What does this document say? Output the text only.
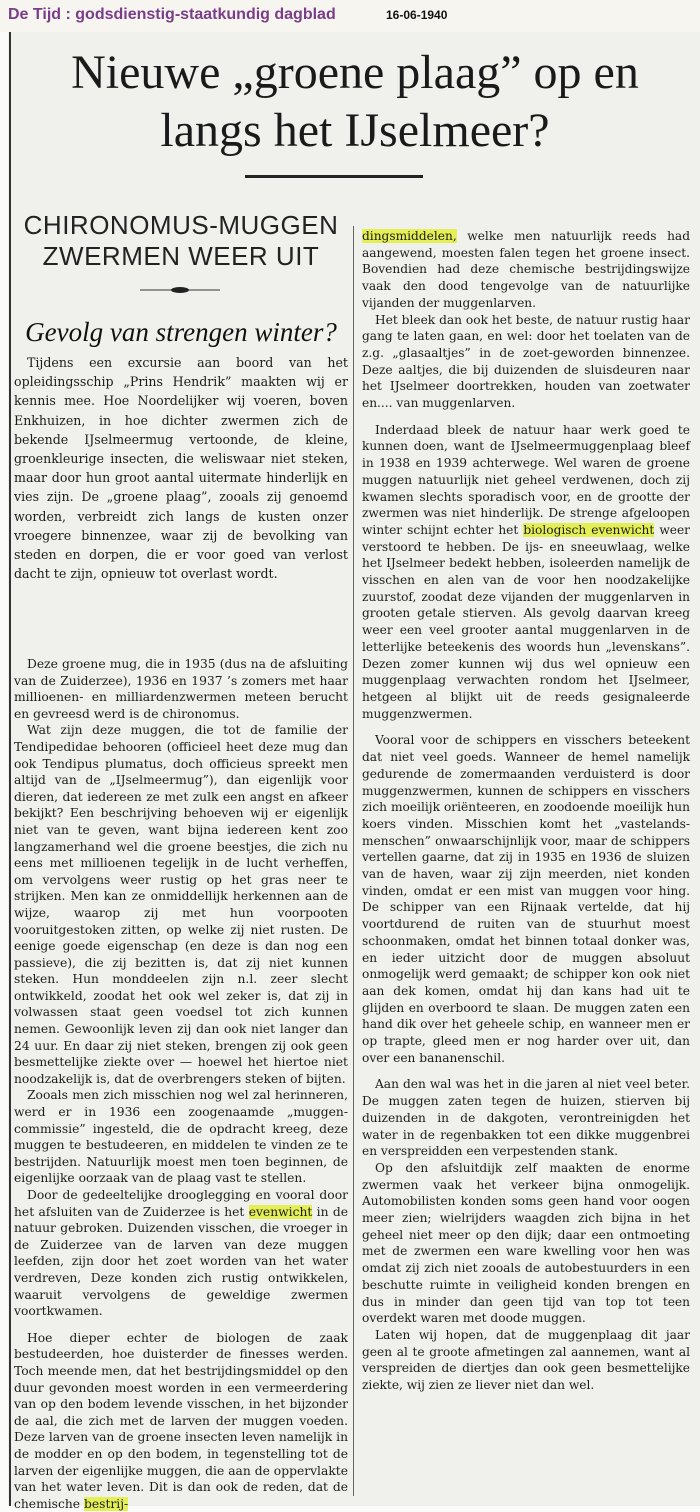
De Tijd : godsdienstig-staatkundig dagblad	16-06-1940
Nieuwe „groene plaag” op en
langs het IJselmeer?
CHIRONOMUS-MUGGEN
ZWERMEN WEER UIT
Gevolg van strengen winter?

Tijdens een excursie aan boord van het opleidingsschip „Prins Hendrik” maakten wij er kennis mee. Hoe Noordelijker wij voeren, boven Enkhuizen, in hoe dichter zwermen zich de bekende IJselmeermug vertoonde, de kleine, groenkleurige insecten, die weliswaar niet steken, maar door hun groot aantal uitermate hinderlijk en vies zijn. De „groene plaag”, zooals zij genoemd worden, verbreidt zich langs de kusten onzer vroegere binnenzee, waar zij de bevolking van steden en dorpen, die er voor goed van verlost dacht te zijn, opnieuw tot overlast wordt.

Deze groene mug, die in 1935 (dus na de afsluiting van de Zuiderzee), 1936 en 1937 ’s zomers met haar millioenen- en milliardenzwermen meteen berucht en gevreesd werd is de chironomus.

Wat zijn deze muggen, die tot de familie der Tendipedidae behooren (officieel heet deze mug dan ook Tendipus plumatus, doch officieus spreekt men altijd van de „IJselmeermug”), dan eigenlijk voor dieren, dat iedereen ze met zulk een angst en afkeer bekijkt? Een beschrijving behoeven wij er eigenlijk niet van te geven, want bijna iedereen kent zoo langzamerhand wel die groene beestjes, die zich nu eens met millioenen tegelijk in de lucht verheffen, om vervolgens weer rustig op het gras neer te strijken. Men kan ze onmiddellijk herkennen aan de wijze, waarop zij met hun voorpooten vooruitgestoken zitten, op welke zij niet rusten. De eenige goede eigenschap (en deze is dan nog een passieve), die zij bezitten is, dat zij niet kunnen steken. Hun monddeelen zijn n.l. zeer slecht ontwikkeld, zoodat het ook wel zeker is, dat zij in volwassen staat geen voedsel tot zich kunnen nemen. Gewoonlijk leven zij dan ook niet langer dan 24 uur. En daar zij niet steken, brengen zij ook geen besmettelijke ziekte over — hoewel het hiertoe niet noodzakelijk is, dat de overbrengers steken of bijten.

Zooals men zich misschien nog wel zal herinneren, werd er in 1936 een zoogenaamde „muggen-commissie” ingesteld, die de opdracht kreeg, deze muggen te bestudeeren, en middelen te vinden ze te bestrijden. Natuurlijk moest men toen beginnen, de eigenlijke oorzaak van de plaag vast te stellen.

Door de gedeeltelijke drooglegging en vooral door het afsluiten van de Zuiderzee is het evenwicht in de natuur gebroken. Duizenden visschen, die vroeger in de Zuiderzee van de larven van deze muggen leefden, zijn door het zoet worden van het water verdreven, Deze konden zich rustig ontwikkelen, waaruit vervolgens de geweldige zwermen voortkwamen.

Hoe dieper echter de biologen de zaak bestudeerden, hoe duisterder de finesses werden. Toch meende men, dat het bestrijdingsmiddel op den duur gevonden moest worden in een vermeerdering van op den bodem levende visschen, in het bijzonder de aal, die zich met de larven der muggen voeden. Deze larven van de groene insecten leven namelijk in de modder en op den bodem, in tegenstelling tot de larven der eigenlijke muggen, die aan de oppervlakte van het water leven. Dit is dan ook de reden, dat de chemische bestrij-

dingsmiddelen, welke men natuurlijk reeds had aangewend, moesten falen tegen het groene insect. Bovendien had deze chemische bestrijdingswijze vaak den dood tengevolge van de natuurlijke vijanden der muggenlarven.

Het bleek dan ook het beste, de natuur rustig haar gang te laten gaan, en wel: door het toelaten van de z.g. „glasaaltjes” in de zoet-geworden binnenzee. Deze aaltjes, die bij duizenden de sluisdeuren naar het IJselmeer doortrekken, houden van zoetwater en.... van muggenlarven.

Inderdaad bleek de natuur haar werk goed te kunnen doen, want de IJselmeermuggenplaag bleef in 1938 en 1939 achterwege. Wel waren de groene muggen natuurlijk niet geheel verdwenen, doch zij kwamen slechts sporadisch voor, en de grootte der zwermen was niet hinderlijk. De strenge afgeloopen winter schijnt echter het biologisch evenwicht weer verstoord te hebben. De ijs- en sneeuwlaag, welke het IJselmeer bedekt hebben, isoleerden namelijk de visschen en alen van de voor hen noodzakelijke zuurstof, zoodat deze vijanden der muggenlarven in grooten getale stierven. Als gevolg daarvan kreeg weer een veel grooter aantal muggenlarven in de letterlijke beteekenis des woords hun „levenskans”. Dezen zomer kunnen wij dus wel opnieuw een muggenplaag verwachten rondom het IJselmeer, hetgeen al blijkt uit de reeds gesignaleerde muggenzwermen.

Vooral voor de schippers en visschers beteekent dat niet veel goeds. Wanneer de hemel namelijk gedurende de zomermaanden verduisterd is door muggenzwermen, kunnen de schippers en visschers zich moeilijk oriënteeren, en zoodoende moeilijk hun koers vinden. Misschien komt het „vastelands-menschen” onwaarschijnlijk voor, maar de schippers vertellen gaarne, dat zij in 1935 en 1936 de sluizen van de haven, waar zij zijn meerden, niet konden vinden, omdat er een mist van muggen voor hing. De schipper van een Rijnaak vertelde, dat hij voortdurend de ruiten van de stuurhut moest schoonmaken, omdat het binnen totaal donker was, en ieder uitzicht door de muggen absoluut onmogelijk werd gemaakt; de schipper kon ook niet aan dek komen, omdat hij dan kans had uit te glijden en overboord te slaan. De muggen zaten een hand dik over het geheele schip, en wanneer men er op trapte, gleed men er nog harder over uit, dan over een bananenschil.

Aan den wal was het in die jaren al niet veel beter. De muggen zaten tegen de huizen, stierven bij duizenden in de dakgoten, verontreinigden het water in de regenbakken tot een dikke muggenbrei en verspreidden een verpestenden stank.

Op den afsluitdijk zelf maakten de enorme zwermen vaak het verkeer bijna onmogelijk. Automobilisten konden soms geen hand voor oogen meer zien; wielrijders waagden zich bijna in het geheel niet meer op den dijk; daar een ontmoeting met de zwermen een ware kwelling voor hen was omdat zij zich niet zooals de autobestuurders in een beschutte ruimte in veiligheid konden brengen en dus in minder dan geen tijd van top tot teen overdekt waren met doode muggen.

Laten wij hopen, dat de muggenplaag dit jaar geen al te groote afmetingen zal aannemen, want al verspreiden de diertjes dan ook geen besmettelijke ziekte, wij zien ze liever niet dan wel.
